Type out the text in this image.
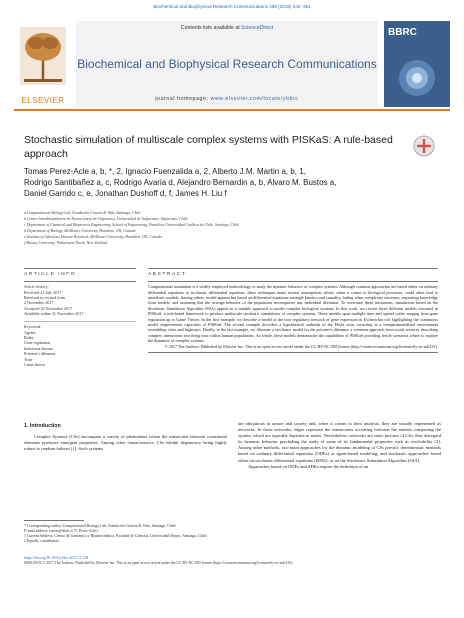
Biochemical and Biophysical Research Communications 498 (2018) 342–351
ELSEVIER
Contents lists available at ScienceDirect
Biochemical and Biophysical Research Communications
journal homepage: www.elsevier.com/locate/ybbrc
BBRC
Stochastic simulation of multiscale complex systems with PISKaS: A rule-based approach
Tomas Perez-Acle a, b, *, 2, Ignacio Fuenzalida a, 2, Alberto J.M. Martin a, b, 1,
Rodrigo Santibañez a, c, Rodrigo Avaria d, Alejandro Bernardin a, b, Alvaro M. Bustos a,
Daniel Garrido c, e, Jonathan Dushoff d, f, James H. Liu f
a Computational Biology Lab, Fundación Ciencia & Vida, Santiago, Chile
b Centro Interdisciplinario de Neurociencia de Valparaíso, Universidad de Valparaíso, Valparaíso, Chile
c Department of Chemical and Bioprocess Engineering, School of Engineering, Pontificia Universidad Católica de Chile, Santiago, Chile
d Department of Biology, McMaster University, Hamilton, ON, Canada
e Institute of Infectious Disease Research, McMaster University, Hamilton, ON, Canada
f Massey University, Palmerston North, New Zealand
ARTICLE INFO
Article history:
Received 21 July 2017
Received in revised form
2 November 2017
Accepted 20 November 2017
Available online 21 November 2017
Keywords:
Agents
Rules
Gene regulation
Infectious disease
Prisoner's dilemma
Trust
Game theory
ABSTRACT
Computational simulation is a widely employed methodology to study the dynamic behavior of complex systems. Although common approaches are based either on ordinary differential equations or stochastic differential equations, these techniques make several assumptions which, when it comes to biological processes, could often lead to unrealistic models. Among others, model approaches based on differential equations entangle kinetics and causality, failing when complexity increases, separating knowledge from models, and assuming that the average behavior of the population encompasses any individual deviation. To overcome these limitations, simulations based on the Stochastic Simulation Algorithm (SSA) appear as a suitable approach to model complex biological systems. In this work, we review three different models executed in PISKaS: a rule-based framework to produce multiscale stochastic simulations of complex systems. These models span multiple time and spatial scales ranging from gene regulation up to Game Theory. In the first example, we describe a model of the core regulatory network of gene expression in Escherichia coli highlighting the continuous model improvement capacities of PISKaS. The second example describes a hypothetical outbreak of the Ebola virus occurring in a compartmentalized environment resembling cities and highways. Finally, in the last example, we illustrate a stochastic model for the prisoner's dilemma; a common approach from social sciences describing complex interactions involving trust within human populations. As whole, these models demonstrate the capabilities of PISKaS providing fertile scenarios where to explore the dynamics of complex systems.
© 2017 The Authors. Published by Elsevier Inc. This is an open access article under the CC BY-NC-ND license (http://creativecommons.org/licenses/by-nc-nd/4.0/).
1. Introduction
Complex Systems (CSs) encompass a variety of phenomena where the interaction between constituent elements produces emergent properties. Among other characteristics, CSs exhibit degeneracy being highly robust to random failures [1]. Such systems
are ubiquitous in nature and society and, when it comes to their analysis, they are usually represented as networks. In these networks, edges represent the interactions occurring between the entities composing the system, which are typically depicted as nodes. Nevertheless, networks are static pictures of CSs: they disregard its dynamic behavior precluding the study of some of its fundamental properties such as evolvability [2]. Among other methods, two main approaches for the dynamic modeling of CSs prevail: deterministic methods based on ordinary differential equations (ODEs) or agent-based modeling, and stochastic approaches based either on stochastic differential equations (SDEs), or on the Stochastic Simulation Algorithm (SSA).
Approaches based on ODEs and SDEs require the definition of an
* Corresponding author. Computational Biology Lab, Fundación Ciencia & Vida, Santiago, Chile.
E-mail address: tomas@dlab.cl (T. Perez-Acle).
1 Current Address: Centro de Genómica y Bioinformática, Facultad de Ciencias, Universidad Mayor, Santiago, Chile.
2 Equally contributors.
https://doi.org/10.1016/j.bbrc.2017.11.138
0006-291X/© 2017 The Authors. Published by Elsevier Inc. This is an open access article under the CC BY-NC-ND license (http://creativecommons.org/licenses/by-nc-nd/4.0/).
